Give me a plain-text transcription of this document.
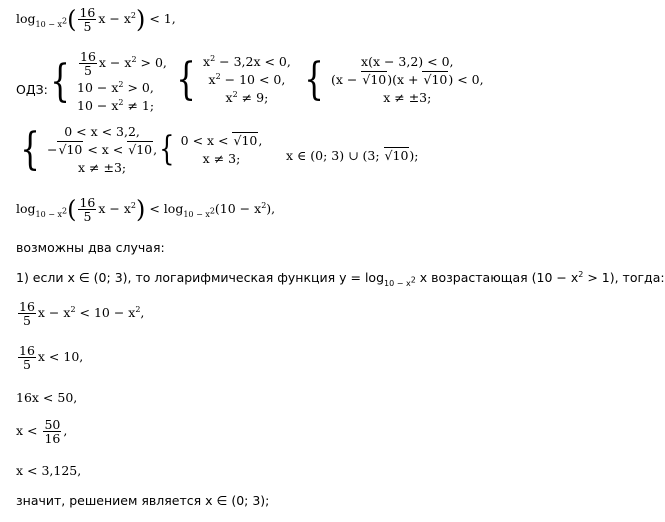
$\log_{10 - x^2}( \frac{16}{5}$ $x - x^2) < 1$,
ОДЗ: { $\frac{16}{5}$ $x - x^2 > 0$,
$10 - x^2 > 0$,
$10 - x^2 \ne 1$;
{ $x^2 - 3,2x < 0$,
$x^2 - 10 < 0$,
$x^2 \ne 9$; {	x(x − 3,2) < 0,
(x − √10)(x + √10) < 0,
x ≠ ±3;
{ 0 < x < 3,2,
−√10 < x < √10,
x ≠ ±3; { 0 < x < √10,
x ≠ 3;	x ∈ (0; 3) ∪ (3; √10);
$\log_{10 - x^2}( \frac{16}{5}$ $x - x^2) < \log_{10 - x^2}(10 - x^2)$,
возможны два случая:
1) если x ∈ (0; 3), то логарифмическая функция $y = \log_{10 - x^2} x$ возрастающая $(10 - x^2 > 1)$, тогда:
$\frac{16}{5}$ $x - x^2 < 10 - x^2$,
$\frac{16}{5}$ x < 10,
16x < 50,
$x < \frac{50}{16}$ ,
x < 3,125,
значит, решением является x ∈ (0; 3);
